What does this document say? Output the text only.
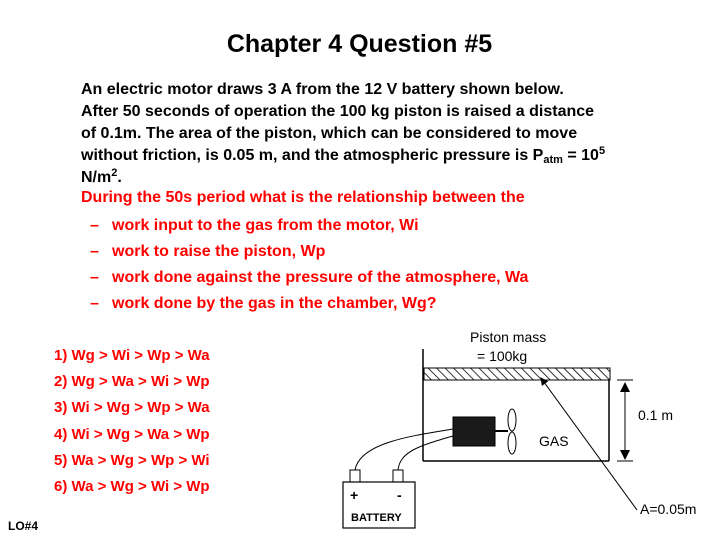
Chapter 4 Question #5
An electric motor draws 3 A from the 12 V battery shown below.
After 50 seconds of operation the 100 kg piston is raised a distance
of 0.1m. The area of the piston, which can be considered to move
without friction, is 0.05 m, and the atmospheric pressure is $P_{atm} = 10^5$
$N/m^2$.
During the 50s period what is the relationship between the
– work input to the gas from the motor, Wi
– work to raise the piston, Wp
– work done against the pressure of the atmosphere, Wa
– work done by the gas in the chamber, Wg?
1) Wg > Wi > Wp > Wa
2) Wg > Wa > Wi > Wp
3) Wi > Wg > Wp > Wa
4) Wi > Wg > Wa > Wp
5) Wa > Wg > Wp > Wi
6) Wa > Wg > Wi > Wp
Piston mass
= 100kg
GAS
0.1 m
A=0.05m
+	-
BATTERY
LO#4
